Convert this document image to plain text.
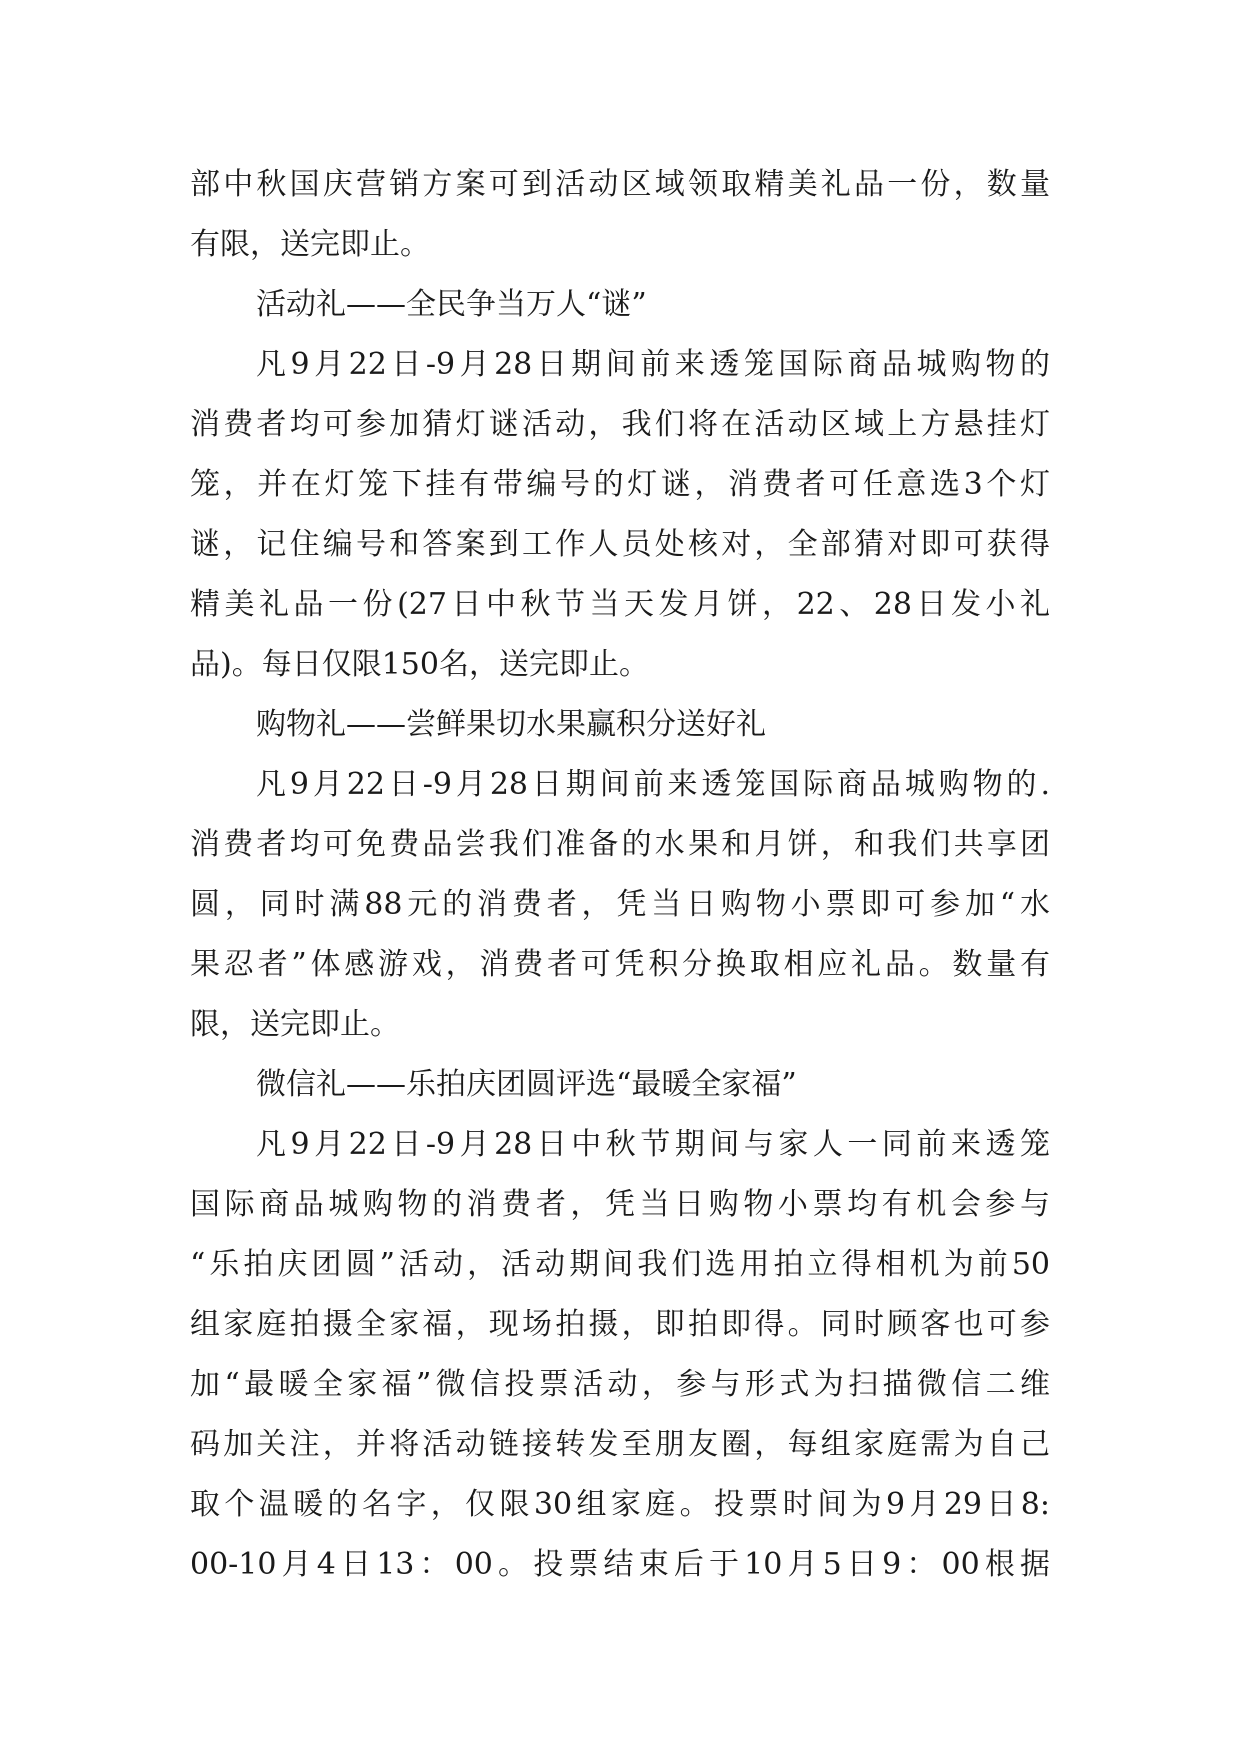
部中秋国庆营销方案可到活动区域领取精美礼品一份，数量
有限，送完即止。
活动礼——全民争当万人“谜”
凡9月22日-9月28日期间前来透笼国际商品城购物的
消费者均可参加猜灯谜活动，我们将在活动区域上方悬挂灯
笼，并在灯笼下挂有带编号的灯谜，消费者可任意选3个灯
谜，记住编号和答案到工作人员处核对，全部猜对即可获得
精美礼品一份(27日中秋节当天发月饼，22、28日发小礼
品)。每日仅限150名，送完即止。
购物礼——尝鲜果切水果赢积分送好礼
凡9月22日-9月28日期间前来透笼国际商品城购物的.
消费者均可免费品尝我们准备的水果和月饼，和我们共享团
圆，同时满88元的消费者，凭当日购物小票即可参加“水
果忍者”体感游戏，消费者可凭积分换取相应礼品。数量有
限，送完即止。
微信礼——乐拍庆团圆评选“最暖全家福”
凡9月22日-9月28日中秋节期间与家人一同前来透笼
国际商品城购物的消费者，凭当日购物小票均有机会参与
“乐拍庆团圆”活动，活动期间我们选用拍立得相机为前50
组家庭拍摄全家福，现场拍摄，即拍即得。同时顾客也可参
加“最暖全家福”微信投票活动，参与形式为扫描微信二维
码加关注，并将活动链接转发至朋友圈，每组家庭需为自己
取个温暖的名字，仅限30组家庭。投票时间为9月29日8:
00-10月4日13：00。投票结束后于10月5日9：00根据
